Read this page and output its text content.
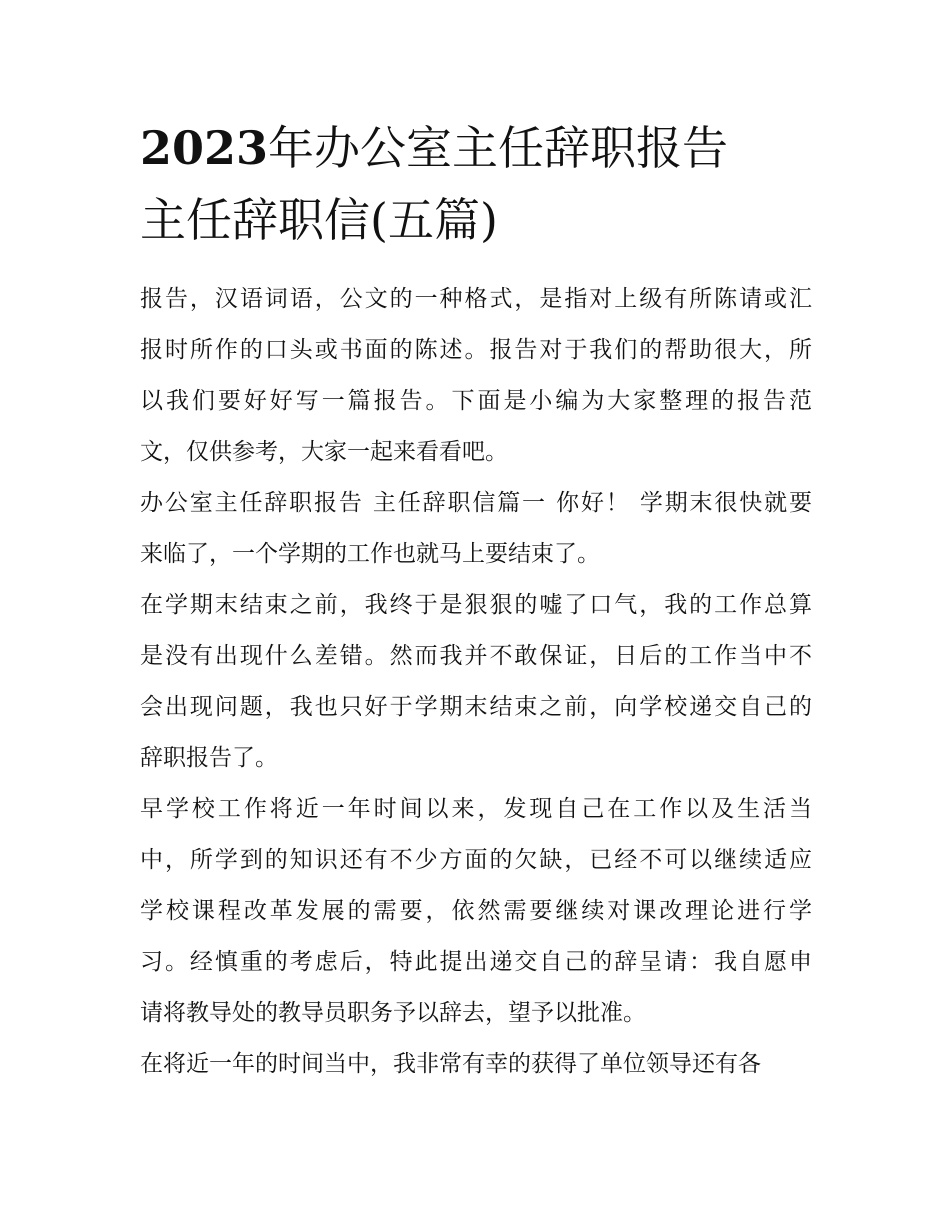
2023年办公室主任辞职报告
主任辞职信(五篇)

报告，汉语词语，公文的一种格式，是指对上级有所陈请或汇
报时所作的口头或书面的陈述。报告对于我们的帮助很大，所
以我们要好好写一篇报告。下面是小编为大家整理的报告范
文，仅供参考，大家一起来看看吧。

办公室主任辞职报告 主任辞职信篇一 你好！ 学期末很快就要
来临了，一个学期的工作也就马上要结束了。

在学期末结束之前，我终于是狠狠的嘘了口气，我的工作总算
是没有出现什么差错。然而我并不敢保证，日后的工作当中不
会出现问题，我也只好于学期末结束之前，向学校递交自己的
辞职报告了。

早学校工作将近一年时间以来，发现自己在工作以及生活当
中，所学到的知识还有不少方面的欠缺，已经不可以继续适应
学校课程改革发展的需要，依然需要继续对课改理论进行学
习。经慎重的考虑后，特此提出递交自己的辞呈请：我自愿申
请将教导处的教导员职务予以辞去，望予以批准。

在将近一年的时间当中，我非常有幸的获得了单位领导还有各
